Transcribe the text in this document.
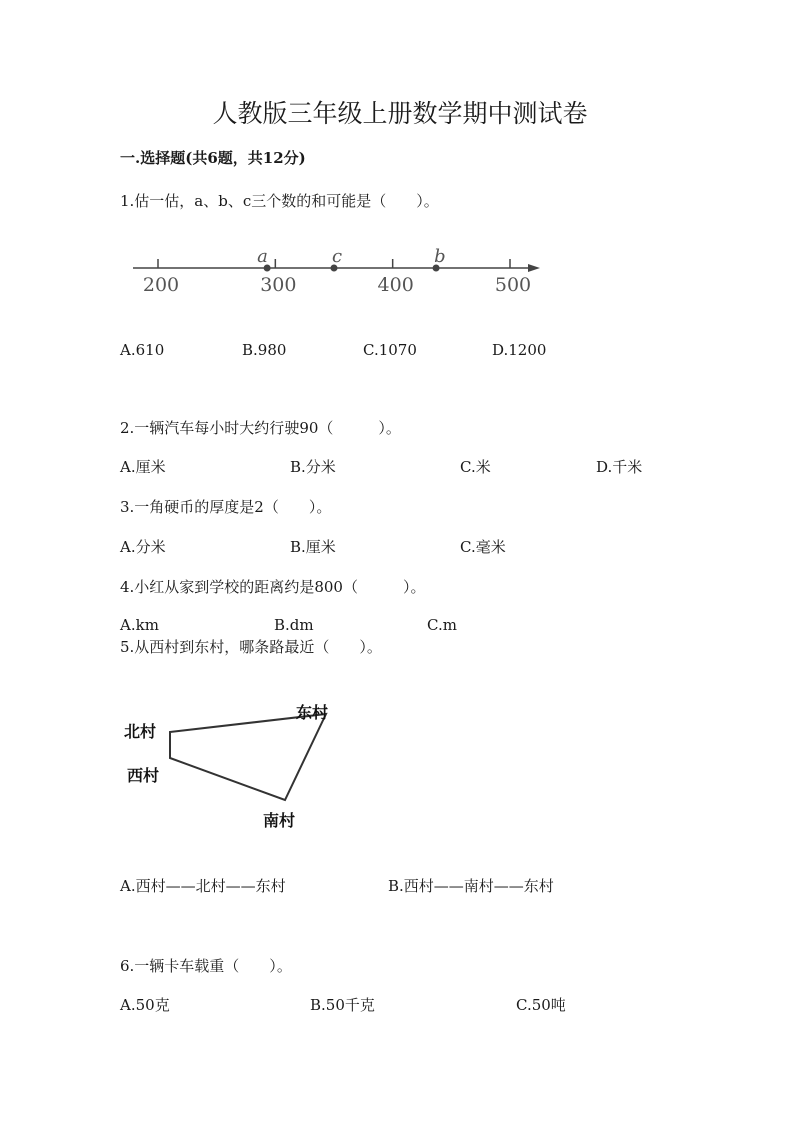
人教版三年级上册数学期中测试卷
一.选择题(共6题，共12分)
1.估一估，a、b、c三个数的和可能是（　　）。
200	300	400	500
a	c	b
A.610	B.980	C.1070	D.1200
2.一辆汽车每小时大约行驶90（　　　）。
A.厘米	B.分米	C.米	D.千米
3.一角硬币的厚度是2（　　）。
A.分米	B.厘米	C.毫米
4.小红从家到学校的距离约是800（　　　）。
A.km	B.dm	C.m
5.从西村到东村，哪条路最近（　　）。
北村
西村
东村
南村
A.西村——北村——东村	B.西村——南村——东村
6.一辆卡车载重（　　）。
A.50克	B.50千克	C.50吨
